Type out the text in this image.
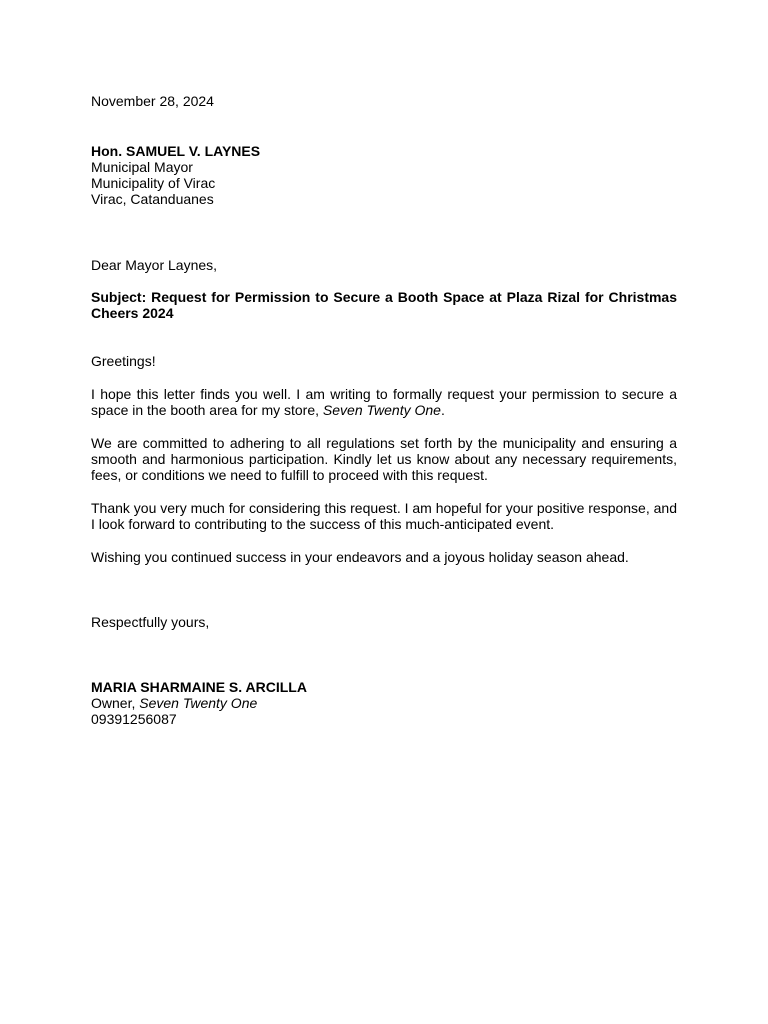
November 28, 2024
Hon. SAMUEL V. LAYNES
Municipal Mayor
Municipality of Virac
Virac, Catanduanes

Dear Mayor Laynes,

Subject: Request for Permission to Secure a Booth Space at Plaza Rizal for Christmas Cheers 2024

Greetings!

I hope this letter finds you well. I am writing to formally request your permission to secure a space in the booth area for my store, Seven Twenty One.

We are committed to adhering to all regulations set forth by the municipality and ensuring a smooth and harmonious participation. Kindly let us know about any necessary requirements, fees, or conditions we need to fulfill to proceed with this request.

Thank you very much for considering this request. I am hopeful for your positive response, and I look forward to contributing to the success of this much-anticipated event.

Wishing you continued success in your endeavors and a joyous holiday season ahead.

Respectfully yours,

MARIA SHARMAINE S. ARCILLA
Owner, Seven Twenty One
09391256087
